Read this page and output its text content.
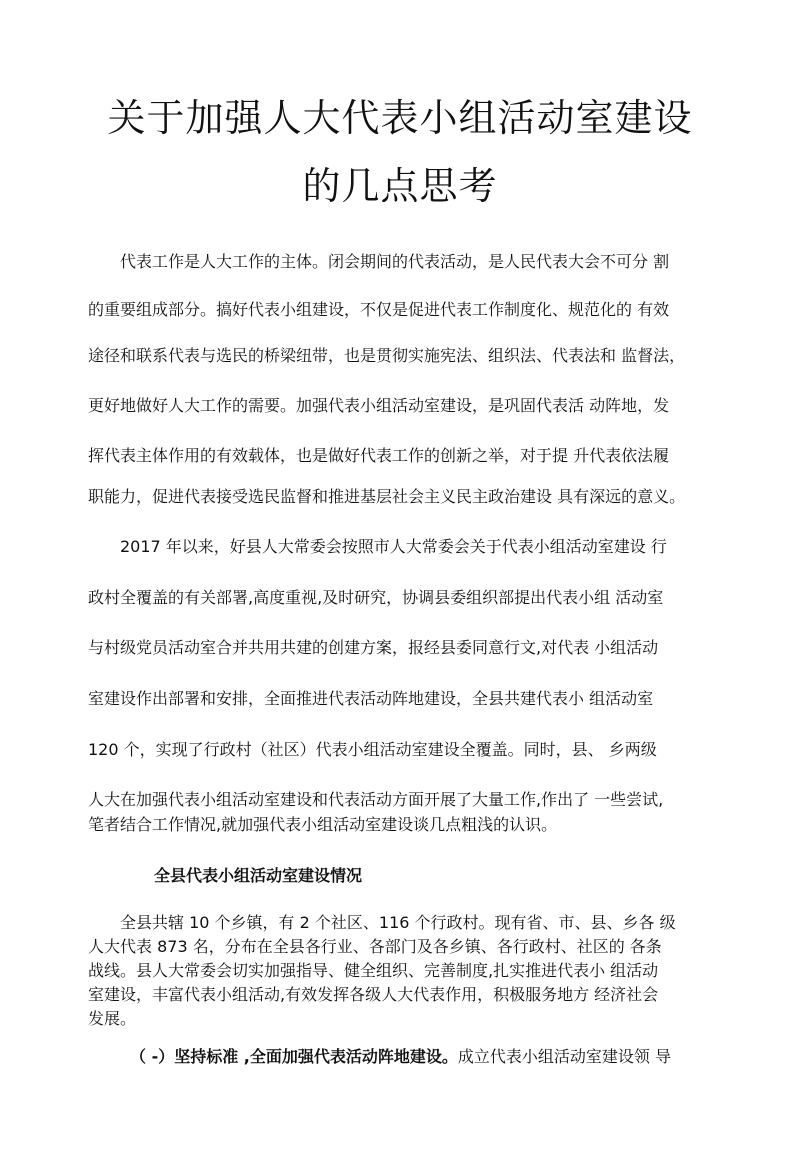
关于加强人大代表小组活动室建设
的几点思考
代表工作是人大工作的主体。闭会期间的代表活动，是人民代表大会不可分 割
的重要组成部分。搞好代表小组建设，不仅是促进代表工作制度化、规范化的 有效
途径和联系代表与选民的桥梁纽带，也是贯彻实施宪法、组织法、代表法和 监督法，
更好地做好人大工作的需要。加强代表小组活动室建设，是巩固代表活 动阵地，发
挥代表主体作用的有效载体，也是做好代表工作的创新之举，对于提 升代表依法履
职能力，促进代表接受选民监督和推进基层社会主义民主政治建设 具有深远的意义。
2017 年以来，好县人大常委会按照市人大常委会关于代表小组活动室建设 行
政村全覆盖的有关部署,高度重视,及时研究，协调县委组织部提出代表小组 活动室
与村级党员活动室合并共用共建的创建方案，报经县委同意行文,对代表 小组活动
室建设作出部署和安排，全面推进代表活动阵地建设，全县共建代表小 组活动室
120 个，实现了行政村（社区）代表小组活动室建设全覆盖。同时，县、 乡两级
人大在加强代表小组活动室建设和代表活动方面开展了大量工作,作出了 一些尝试,
笔者结合工作情况,就加强代表小组活动室建设谈几点粗浅的认识。
全县代表小组活动室建设情况
全县共辖 10 个乡镇，有 2 个社区、116 个行政村。现有省、市、县、乡各 级
人大代表 873 名，分布在全县各行业、各部门及各乡镇、各行政村、社区的 各条
战线。县人大常委会切实加强指导、健全组织、完善制度,扎实推进代表小 组活动
室建设，丰富代表小组活动,有效发挥各级人大代表作用，积极服务地方 经济社会
发展。
（ -）坚持标准 ,全面加强代表活动阵地建设。成立代表小组活动室建设领 导
